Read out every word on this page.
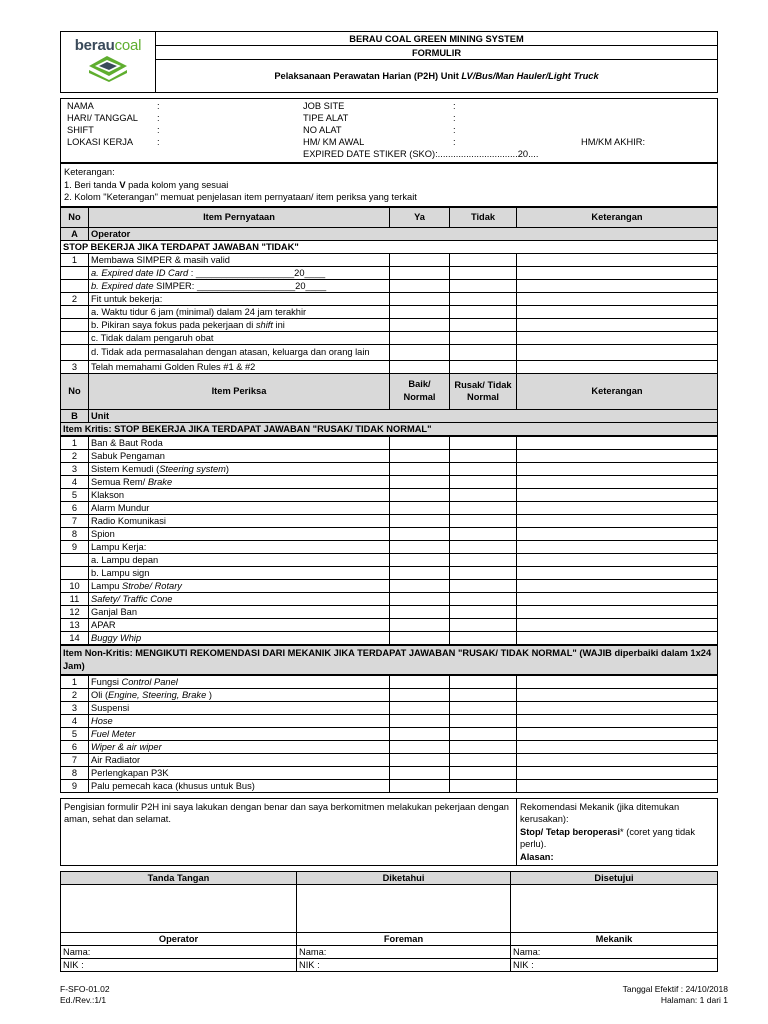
beraucoal	BERAU COAL GREEN MINING SYSTEM
FORMULIR
Pelaksanaan Perawatan Harian (P2H) Unit LV/Bus/Man Hauler/Light Truck
NAMA	:	JOB SITE	:	
HARI/ TANGGAL	:	TIPE ALAT	:	
SHIFT	:	NO ALAT	:	
LOKASI KERJA	:	HM/ KM AWAL	:	HM/KM AKHIR:
		EXPIRED DATE STIKER (SKO):...............................20....
Keterangan:
1. Beri tanda V pada kolom yang sesuai
2. Kolom "Keterangan" memuat penjelasan item pernyataan/ item periksa yang terkait
No	Item Pernyataan	Ya	Tidak	Keterangan
A	Operator			
STOP BEKERJA JIKA TERDAPAT JAWABAN "TIDAK"				
1	Membawa SIMPER & masih valid			
	a. Expired date ID Card : ___________________20____			
	b. Expired date SIMPER: ___________________20____			
2	Fit untuk bekerja:			
	a. Waktu tidur 6 jam (minimal) dalam 24 jam terakhir			
	b. Pikiran saya fokus pada pekerjaan di shift ini			
	c. Tidak dalam pengaruh obat			
	d. Tidak ada permasalahan dengan atasan, keluarga dan orang lain			
3	Telah memahami Golden Rules #1 & #2			
No	Item Periksa	Baik/ Normal	Rusak/ Tidak Normal	Keterangan
B	Unit			
Item Kritis: STOP BEKERJA JIKA TERDAPAT JAWABAN "RUSAK/ TIDAK NORMAL"				
1	Ban & Baut Roda			
2	Sabuk Pengaman			
3	Sistem Kemudi (Steering system)			
4	Semua Rem/ Brake			
5	Klakson			
6	Alarm Mundur			
7	Radio Komunikasi			
8	Spion			
9	Lampu Kerja:			
	a. Lampu depan			
	b. Lampu sign			
10	Lampu Strobe/ Rotary			
11	Safety/ Traffic Cone			
12	Ganjal Ban			
13	APAR			
14	Buggy Whip			
Item Non-Kritis: MENGIKUTI REKOMENDASI DARI MEKANIK JIKA TERDAPAT JAWABAN "RUSAK/ TIDAK NORMAL" (WAJIB diperbaiki dalam 1x24 Jam)
1	Fungsi Control Panel			
2	Oli (Engine, Steering, Brake )			
3	Suspensi			
4	Hose			
5	Fuel Meter			
6	Wiper & air wiper			
7	Air Radiator			
8	Perlengkapan P3K			
9	Palu pemecah kaca (khusus untuk Bus)			
Pengisian formulir P2H ini saya lakukan dengan benar dan saya berkomitmen melakukan pekerjaan dengan aman, sehat dan selamat.	
Rekomendasi Mekanik (jika ditemukan kerusakan):
Stop/ Tetap beroperasi* (coret yang tidak perlu).
Alasan:
Tanda Tangan	Diketahui	Disetujui

Operator	Foreman	Mekanik
Nama:	Nama:	Nama:
NIK :	NIK :	NIK :
F-SFO-01.02
Ed./Rev.:1/1
Tanggal Efektif : 24/10/2018
Halaman: 1 dari 1
